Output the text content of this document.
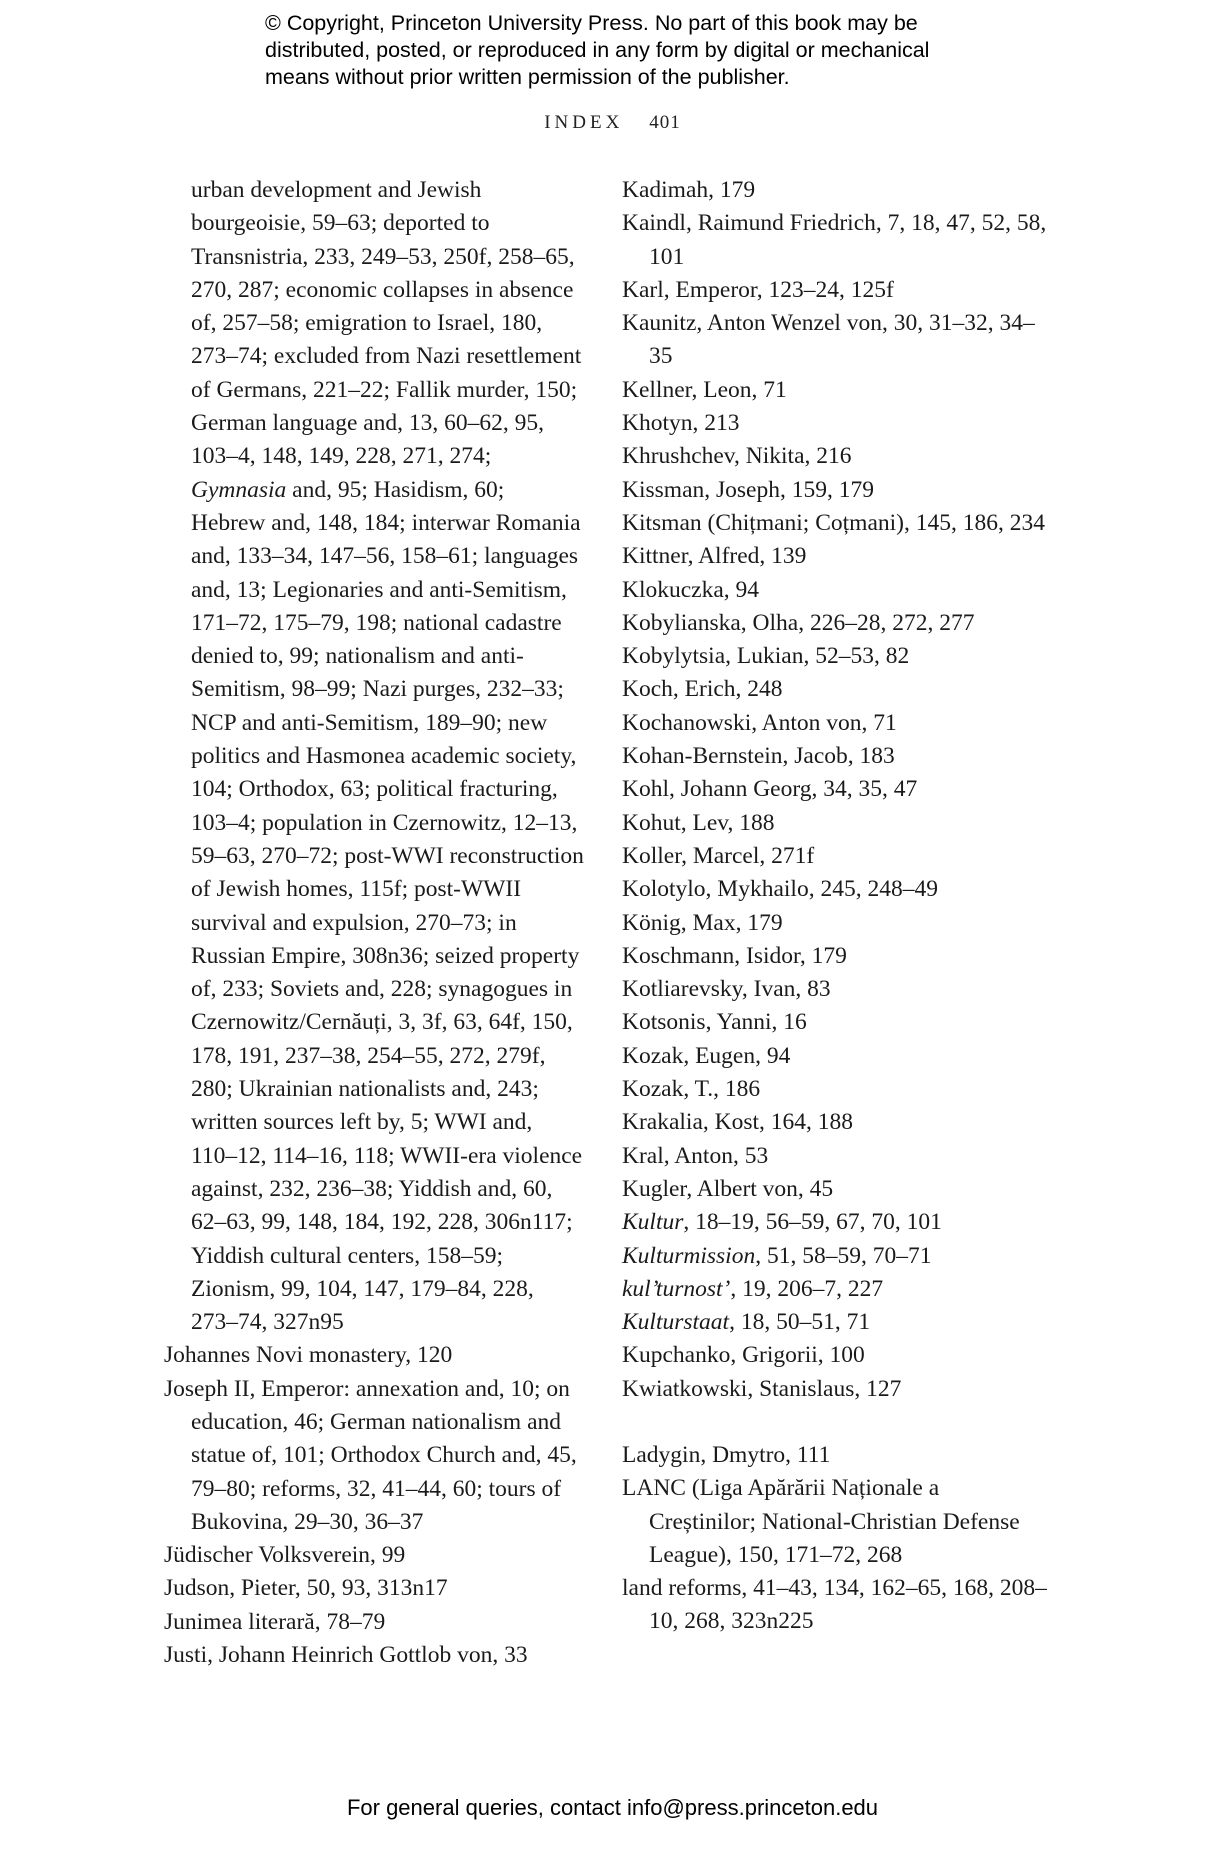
© Copyright, Princeton University Press. No part of this book may be
distributed, posted, or reproduced in any form by digital or mechanical
means without prior written permission of the publisher.
INDEX 401
urban development and Jewish bourgeoisie, 59–63; deported to Transnistria, 233, 249–53, 250f, 258–65, 270, 287; economic collapses in absence of, 257–58; emigration to Israel, 180, 273–74; excluded from Nazi resettlement of Germans, 221–22; Fallik murder, 150; German language and, 13, 60–62, 95, 103–4, 148, 149, 228, 271, 274; Gymnasia and, 95; Hasidism, 60; Hebrew and, 148, 184; interwar Romania and, 133–34, 147–56, 158–61; languages and, 13; Legionaries and anti-Semitism, 171–72, 175–79, 198; national cadastre denied to, 99; nationalism and anti-Semitism, 98–99; Nazi purges, 232–33; NCP and anti-Semitism, 189–90; new politics and Hasmonea academic society, 104; Orthodox, 63; political fracturing, 103–4; population in Czernowitz, 12–13, 59–63, 270–72; post-WWI reconstruction of Jewish homes, 115f; post-WWII survival and expulsion, 270–73; in Russian Empire, 308n36; seized property of, 233; Soviets and, 228; synagogues in Czernowitz/Cernăuți, 3, 3f, 63, 64f, 150, 178, 191, 237–38, 254–55, 272, 279f, 280; Ukrainian nationalists and, 243; written sources left by, 5; WWI and, 110–12, 114–16, 118; WWII-era violence against, 232, 236–38; Yiddish and, 60, 62–63, 99, 148, 184, 192, 228, 306n117; Yiddish cultural centers, 158–59; Zionism, 99, 104, 147, 179–84, 228, 273–74, 327n95
Johannes Novi monastery, 120
Joseph II, Emperor: annexation and, 10; on education, 46; German nationalism and statue of, 101; Orthodox Church and, 45, 79–80; reforms, 32, 41–44, 60; tours of Bukovina, 29–30, 36–37
Jüdischer Volksverein, 99
Judson, Pieter, 50, 93, 313n17
Junimea literară, 78–79
Justi, Johann Heinrich Gottlob von, 33
Kadimah, 179
Kaindl, Raimund Friedrich, 7, 18, 47, 52, 58, 101
Karl, Emperor, 123–24, 125f
Kaunitz, Anton Wenzel von, 30, 31–32, 34–35
Kellner, Leon, 71
Khotyn, 213
Khrushchev, Nikita, 216
Kissman, Joseph, 159, 179
Kitsman (Chițmani; Coțmani), 145, 186, 234
Kittner, Alfred, 139
Klokuczka, 94
Kobylianska, Olha, 226–28, 272, 277
Kobylytsia, Lukian, 52–53, 82
Koch, Erich, 248
Kochanowski, Anton von, 71
Kohan-Bernstein, Jacob, 183
Kohl, Johann Georg, 34, 35, 47
Kohut, Lev, 188
Koller, Marcel, 271f
Kolotylo, Mykhailo, 245, 248–49
König, Max, 179
Koschmann, Isidor, 179
Kotliarevsky, Ivan, 83
Kotsonis, Yanni, 16
Kozak, Eugen, 94
Kozak, T., 186
Krakalia, Kost, 164, 188
Kral, Anton, 53
Kugler, Albert von, 45
Kultur, 18–19, 56–59, 67, 70, 101
Kulturmission, 51, 58–59, 70–71
kul’turnost’, 19, 206–7, 227
Kulturstaat, 18, 50–51, 71
Kupchanko, Grigorii, 100
Kwiatkowski, Stanislaus, 127
Ladygin, Dmytro, 111
LANC (Liga Apărării Naționale a Creștinilor; National-Christian Defense League), 150, 171–72, 268
land reforms, 41–43, 134, 162–65, 168, 208–10, 268, 323n225
For general queries, contact info@press.princeton.edu
